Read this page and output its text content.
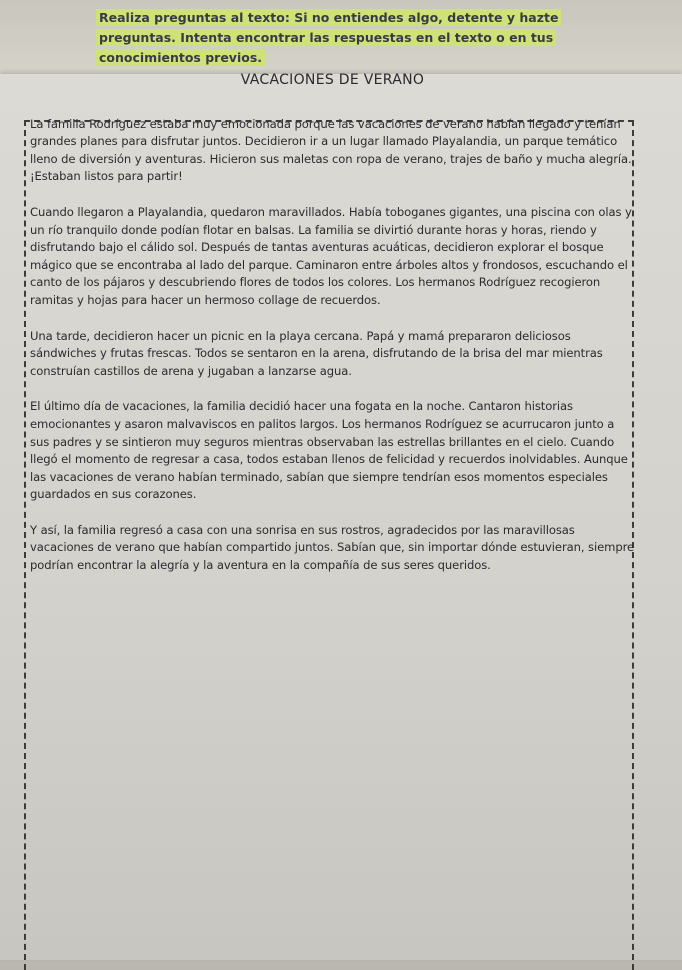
Realiza preguntas al texto: Si no entiendes algo, detente y hazte preguntas. Intenta encontrar las respuestas en el texto o en tus conocimientos previos.

VACACIONES DE VERANO

La familia Rodríguez estaba muy emocionada porque las vacaciones de verano habían llegado y tenían grandes planes para disfrutar juntos. Decidieron ir a un lugar llamado Playalandia, un parque temático lleno de diversión y aventuras. Hicieron sus maletas con ropa de verano, trajes de baño y mucha alegría. ¡Estaban listos para partir!

Cuando llegaron a Playalandia, quedaron maravillados. Había toboganes gigantes, una piscina con olas y un río tranquilo donde podían flotar en balsas. La familia se divirtió durante horas y horas, riendo y disfrutando bajo el cálido sol. Después de tantas aventuras acuáticas, decidieron explorar el bosque mágico que se encontraba al lado del parque. Caminaron entre árboles altos y frondosos, escuchando el canto de los pájaros y descubriendo flores de todos los colores. Los hermanos Rodríguez recogieron ramitas y hojas para hacer un hermoso collage de recuerdos.

Una tarde, decidieron hacer un picnic en la playa cercana. Papá y mamá prepararon deliciosos sándwiches y frutas frescas. Todos se sentaron en la arena, disfrutando de la brisa del mar mientras construían castillos de arena y jugaban a lanzarse agua.

El último día de vacaciones, la familia decidió hacer una fogata en la noche. Cantaron historias emocionantes y asaron malvaviscos en palitos largos. Los hermanos Rodríguez se acurrucaron junto a sus padres y se sintieron muy seguros mientras observaban las estrellas brillantes en el cielo. Cuando llegó el momento de regresar a casa, todos estaban llenos de felicidad y recuerdos inolvidables. Aunque las vacaciones de verano habían terminado, sabían que siempre tendrían esos momentos especiales guardados en sus corazones.

Y así, la familia regresó a casa con una sonrisa en sus rostros, agradecidos por las maravillosas vacaciones de verano que habían compartido juntos. Sabían que, sin importar dónde estuvieran, siempre podrían encontrar la alegría y la aventura en la compañía de sus seres queridos.
